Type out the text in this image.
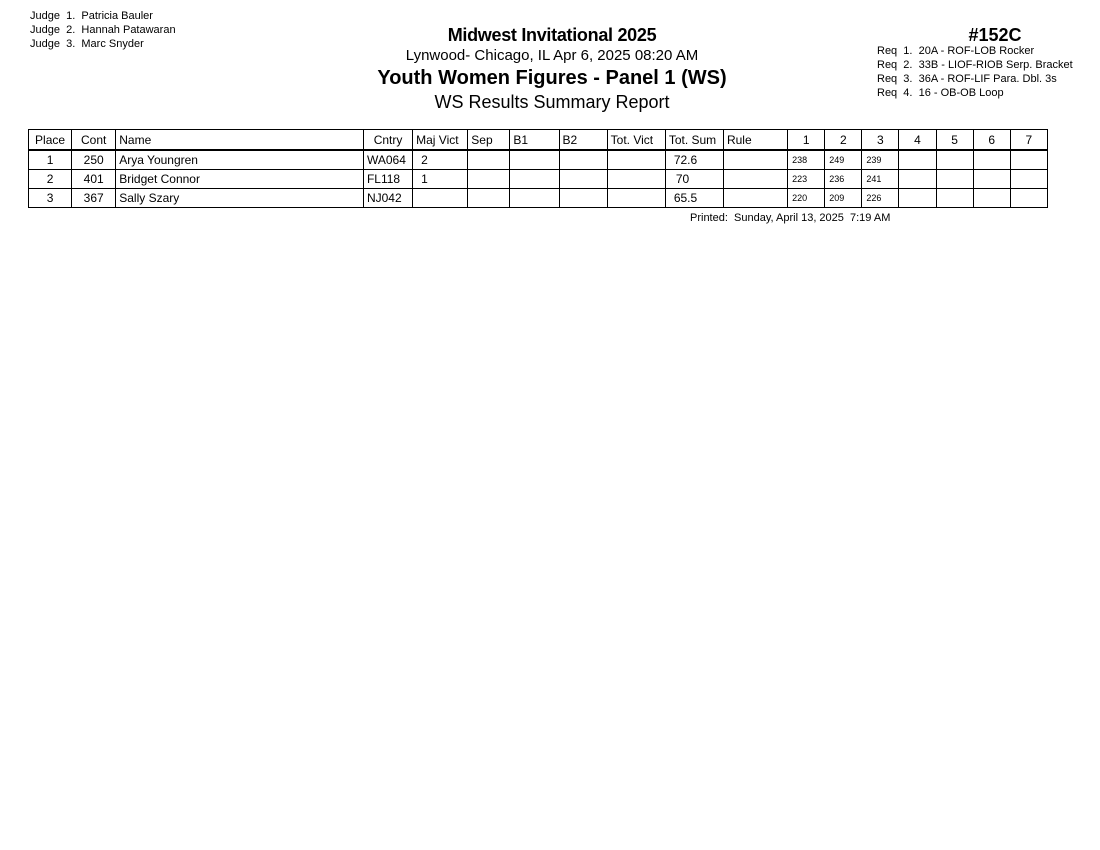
Judge  1. Patricia Bauler
Judge  2. Hannah Patawaran
Judge  3. Marc Snyder	Midwest Invitational 2025
Lynwood- Chicago, IL Apr 6, 2025 08:20 AM
Youth Women Figures - Panel 1 (WS)
WS Results Summary Report
#152C
Req  1. 20A - ROF-LOB Rocker
Req  2. 33B - LIOF-RIOB Serp. Bracket
Req  3. 36A - ROF-LIF Para. Dbl. 3s
Req  4. 16 - OB-OB Loop
Place	Cont	Name	Cntry	Maj Vict	Sep	B1	B2	Tot. Vict	Tot. Sum	Rule	1	2	3	4	5	6	7
1	250	Arya Youngren	WA064	2					72.6		238	249	239				
2	401	Bridget Connor	FL118	1					70		223	236	241				
3	367	Sally Szary	NJ042						65.5		220	209	226				
Printed:  Sunday, April 13, 2025  7:19 AM
